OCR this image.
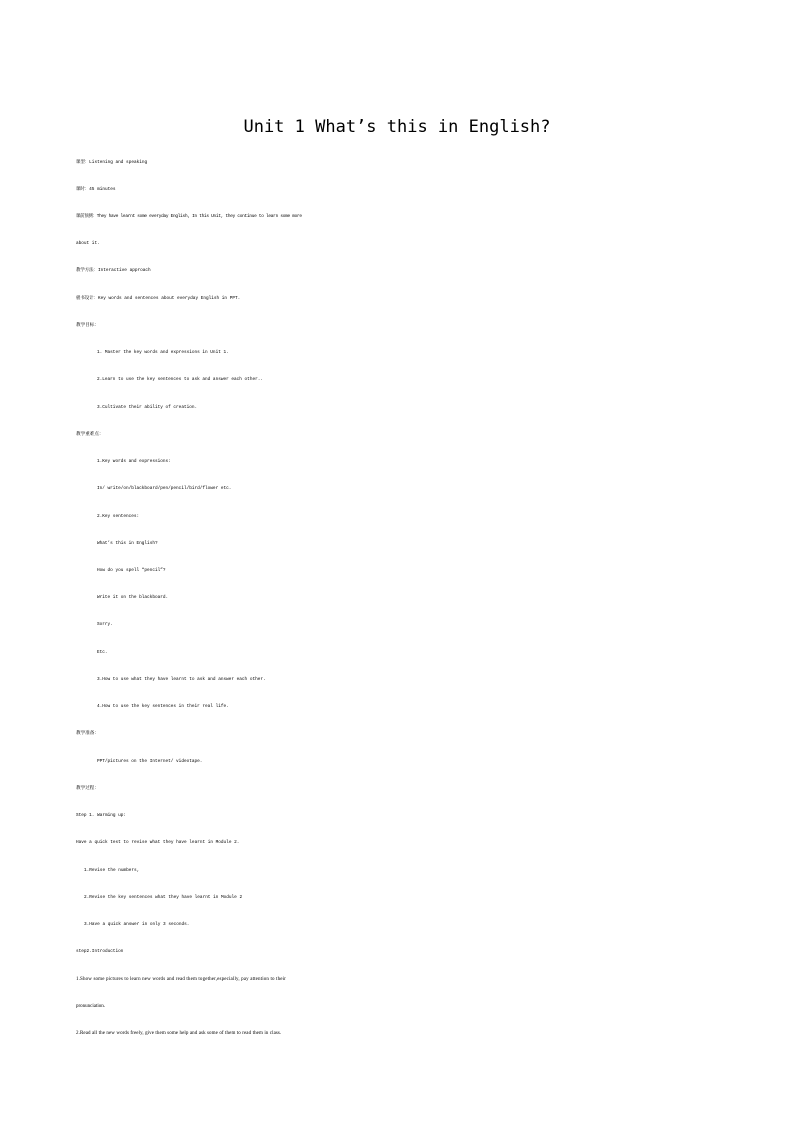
Unit 1 What’s this in English?
课型：Listening and speaking
课时：45 minutes
课前预测：They have learnt some everyday English, In this Unit, they continue to learn some more
about it.
教学方法：Interactive approach
板书设计：Key words and sentences about everyday English in PPT.
教学目标：
1. Master the key words and expressions in Unit 1.
2.Learn to use the key sentences to ask and answer each other..
3.Cultivate their ability of creation.
教学重难点：
1.Key words and expressions:
In/ write/on/blackboard/pen/pencil/bird/flower etc.
2.Key sentences:
What’s this in English?
How do you spell “pencil”?
Write it on the blackboard.
Sorry.
Etc.
3.How to use what they have learnt to ask and answer each other.
4.How to use the key sentences in their real life.
教学准备：
PPT/pictures on the Internet/ videotape.
教学过程：
Step 1. Warming up:
Have a quick test to revise what they have learnt in Module 2.
1.Revise the numbers,
2.Revise the key sentences what they have learnt in Module 2
3.Have a quick answer in only 3 seconds.
step2.Introduction
1.Show some pictures to learn new words and read them together,especially, pay attention to their
pronunciation.
2.Read all the new words freely, give them some help and ask some of them to read them in class.
